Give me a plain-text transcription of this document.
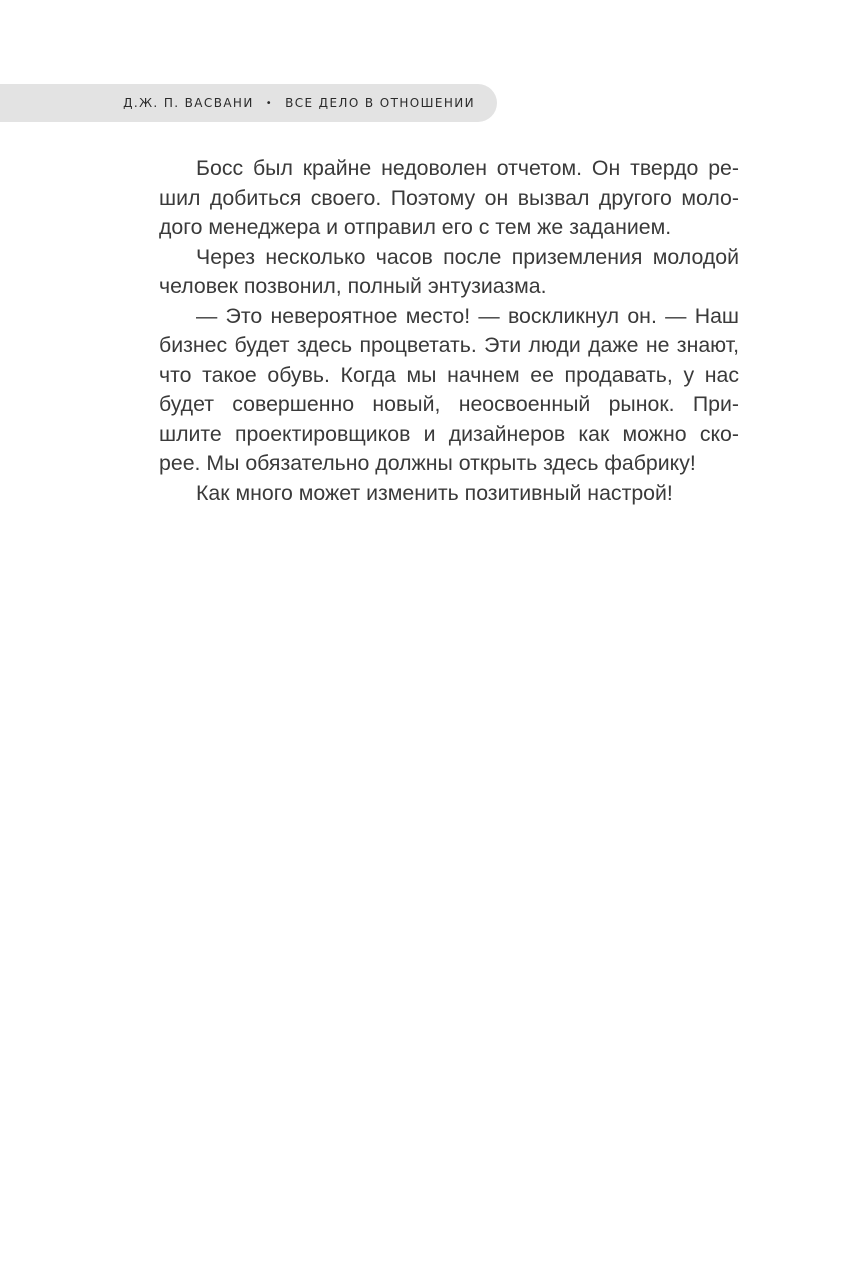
Д.Ж. П. ВАСВАНИ • ВСЕ ДЕЛО В ОТНОШЕНИИ
Босс был крайне недоволен отчетом. Он твердо ре-
шил добиться своего. Поэтому он вызвал другого моло-
дого менеджера и отправил его с тем же заданием.
Через несколько часов после приземления молодой
человек позвонил, полный энтузиазма.
— Это невероятное место! — воскликнул он. — Наш
бизнес будет здесь процветать. Эти люди даже не знают,
что такое обувь. Когда мы начнем ее продавать, у нас
будет совершенно новый, неосвоенный рынок. При-
шлите проектировщиков и дизайнеров как можно ско-
рее. Мы обязательно должны открыть здесь фабрику!
Как много может изменить позитивный настрой!
